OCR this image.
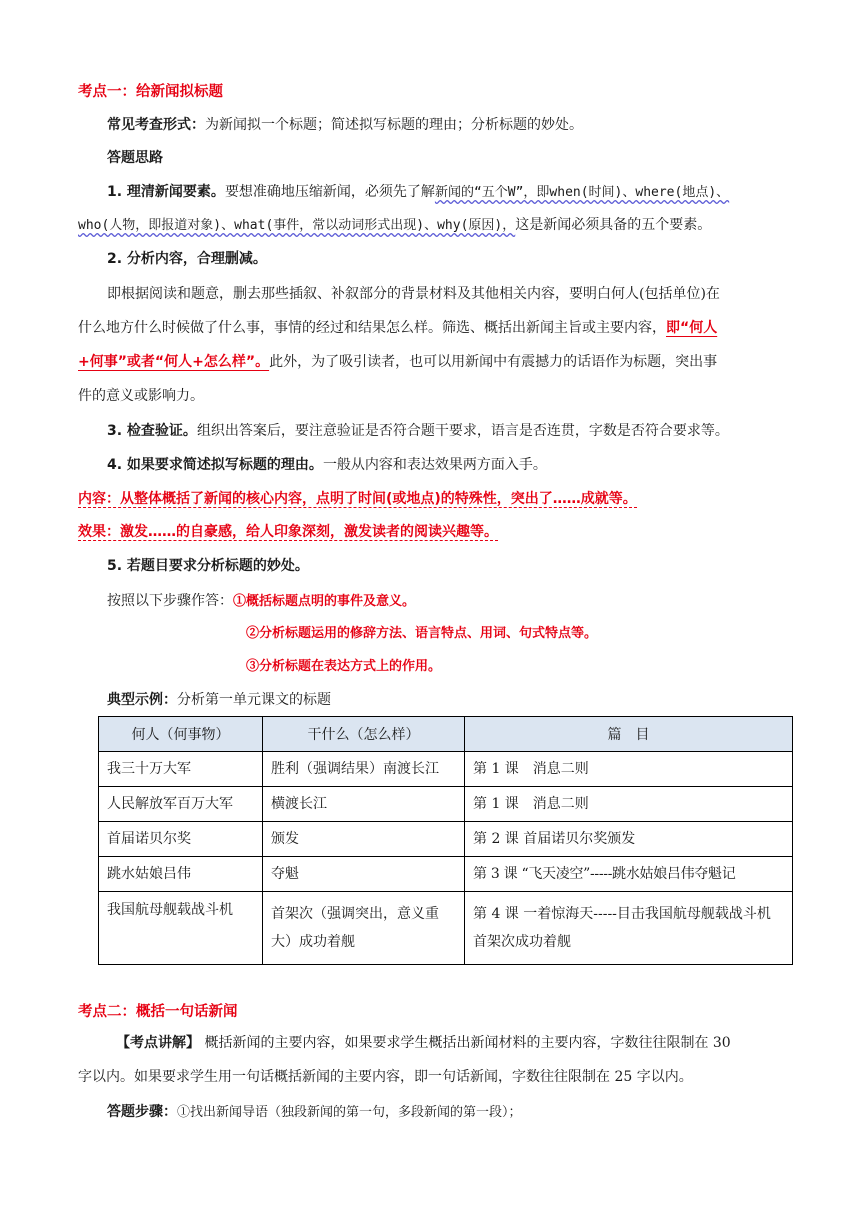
考点一：给新闻拟标题
常见考查形式：为新闻拟一个标题；简述拟写标题的理由；分析标题的妙处。
答题思路
1. 理清新闻要素。要想准确地压缩新闻，必须先了解新闻的“五个W”，即when(时间)、where(地点)、
who(人物，即报道对象)、what(事件，常以动词形式出现)、why(原因)，这是新闻必须具备的五个要素。
2. 分析内容，合理删减。
即根据阅读和题意，删去那些插叙、补叙部分的背景材料及其他相关内容，要明白何人(包括单位)在
什么地方什么时候做了什么事，事情的经过和结果怎么样。筛选、概括出新闻主旨或主要内容，即“何人
+何事”或者“何人+怎么样”。此外，为了吸引读者，也可以用新闻中有震撼力的话语作为标题，突出事
件的意义或影响力。
3. 检查验证。组织出答案后，要注意验证是否符合题干要求，语言是否连贯，字数是否符合要求等。
4. 如果要求简述拟写标题的理由。一般从内容和表达效果两方面入手。
内容：从整体概括了新闻的核心内容，点明了时间(或地点)的特殊性，突出了……成就等。
效果：激发……的自豪感，给人印象深刻，激发读者的阅读兴趣等。
5. 若题目要求分析标题的妙处。
按照以下步骤作答：①概括标题点明的事件及意义。
②分析标题运用的修辞方法、语言特点、用词、句式特点等。
③分析标题在表达方式上的作用。
典型示例：分析第一单元课文的标题
何人（何事物）	干什么（怎么样）	篇　目
我三十万大军	胜利（强调结果）南渡长江	第 1 课　消息二则
人民解放军百万大军	横渡长江	第 1 课　消息二则
首届诺贝尔奖	颁发	第 2 课 首届诺贝尔奖颁发
跳水姑娘吕伟	夺魁	第 3 课 “飞天凌空”-----跳水姑娘吕伟夺魁记
我国航母舰载战斗机	首架次（强调突出，意义重大）成功着舰	第 4 课 一着惊海天-----目击我国航母舰载战斗机首架次成功着舰
考点二：概括一句话新闻
【考点讲解】 概括新闻的主要内容，如果要求学生概括出新闻材料的主要内容，字数往往限制在 30
字以内。如果要求学生用一句话概括新闻的主要内容，即一句话新闻，字数往往限制在 25 字以内。
答题步骤：①找出新闻导语（独段新闻的第一句，多段新闻的第一段）；
